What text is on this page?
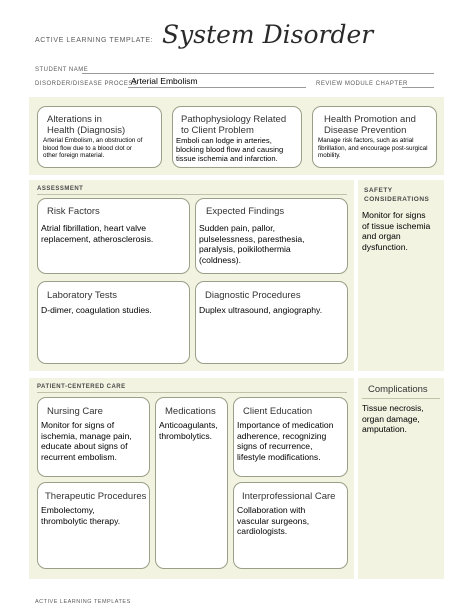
ACTIVE LEARNING TEMPLATE: System Disorder
STUDENT NAME
DISORDER/DISEASE PROCESS
Arterial Embolism	REVIEW MODULE CHAPTER
Alterations in
Health (Diagnosis)
Arterial Embolism, an obstruction of
blood flow due to a blood clot or
other foreign material.
Pathophysiology Related
to Client Problem
Emboli can lodge in arteries,
blocking blood flow and causing
tissue ischemia and infarction.
Health Promotion and
Disease Prevention
Manage risk factors, such as atrial
fibrillation, and encourage post-surgical
mobility.
ASSESSMENT
Risk Factors
Atrial fibrillation, heart valve
replacement, atherosclerosis.
Expected Findings
Sudden pain, pallor,
pulselessness, paresthesia,
paralysis, poikilothermia
(coldness).
Laboratory Tests
D-dimer, coagulation studies.
Diagnostic Procedures
Duplex ultrasound, angiography.
SAFETY
CONSIDERATIONS
Monitor for signs
of tissue ischemia
and organ
dysfunction.
PATIENT-CENTERED CARE
Nursing Care
Monitor for signs of
ischemia, manage pain,
educate about signs of
recurrent embolism.
Medications
Anticoagulants,
thrombolytics.
Client Education
Importance of medication
adherence, recognizing
signs of recurrence,
lifestyle modifications.
Therapeutic Procedures
Embolectomy,
thrombolytic therapy.
Interprofessional Care
Collaboration with
vascular surgeons,
cardiologists.
Complications
Tissue necrosis,
organ damage,
amputation.
ACTIVE LEARNING TEMPLATES
